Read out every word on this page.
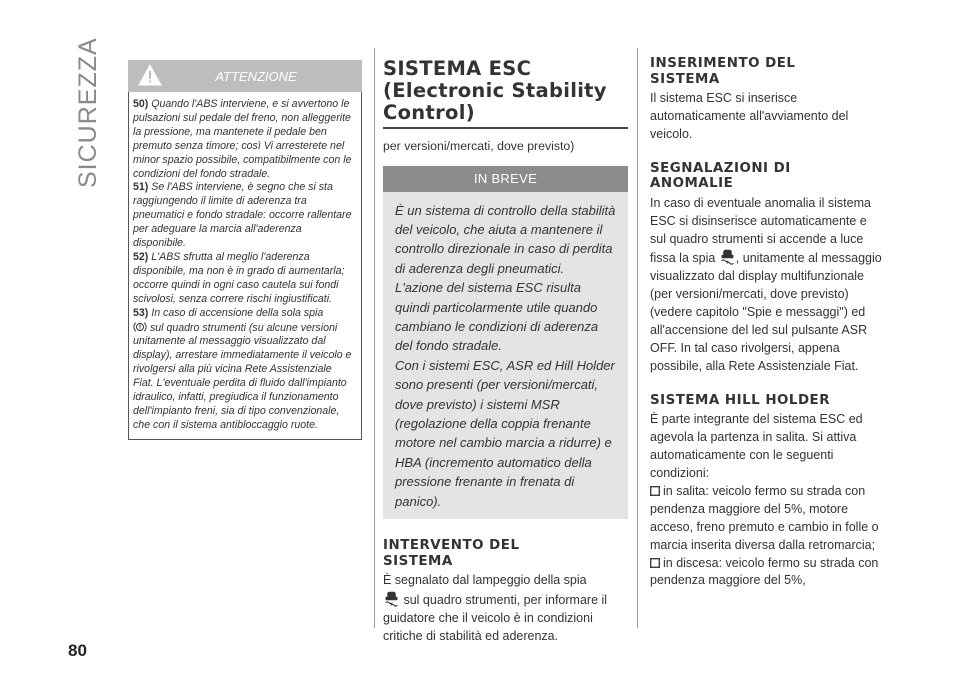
SICUREZZA
80
ATTENZIONE

50) Quando l'ABS interviene, e si avvertono le pulsazioni sul pedale del freno, non alleggerite la pressione, ma mantenete il pedale ben premuto senza timore; così Vi arresterete nel minor spazio possibile, compatibilmente con le condizioni del fondo stradale.

51) Se l'ABS interviene, è segno che si sta raggiungendo il limite di aderenza tra pneumatici e fondo stradale: occorre rallentare per adeguare la marcia all'aderenza disponibile.

52) L'ABS sfrutta al meglio l'aderenza disponibile, ma non è in grado di aumentarla; occorre quindi in ogni caso cautela sui fondi scivolosi, senza correre rischi ingiustificati.

53) In caso di accensione della sola spia
sul quadro strumenti (su alcune versioni unitamente al messaggio visualizzato dal display), arrestare immediatamente il veicolo e rivolgersi alla più vicina Rete Assistenziale Fiat. L'eventuale perdita di fluido dall'impianto idraulico, infatti, pregiudica il funzionamento dell'impianto freni, sia di tipo convenzionale, che con il sistema antibloccaggio ruote.

SISTEMA ESC
(Electronic Stability
Control)

per versioni/mercati, dove previsto)

IN BREVE

È un sistema di controllo della stabilità del veicolo, che aiuta a mantenere il controllo direzionale in caso di perdita di aderenza degli pneumatici.

L'azione del sistema ESC risulta quindi particolarmente utile quando cambiano le condizioni di aderenza del fondo stradale.

Con i sistemi ESC, ASR ed Hill Holder sono presenti (per versioni/mercati, dove previsto) i sistemi MSR (regolazione della coppia frenante motore nel cambio marcia a ridurre) e HBA (incremento automatico della pressione frenante in frenata di panico).

INTERVENTO DEL
SISTEMA

È segnalato dal lampeggio della spia
sul quadro strumenti, per informare il guidatore che il veicolo è in condizioni critiche di stabilità ed aderenza.

INSERIMENTO DEL
SISTEMA

Il sistema ESC si inserisce automaticamente all'avviamento del veicolo.

SEGNALAZIONI DI
ANOMALIE

In caso di eventuale anomalia il sistema ESC si disinserisce automaticamente e sul quadro strumenti si accende a luce fissa la spia , unitamente al messaggio visualizzato dal display multifunzionale (per versioni/mercati, dove previsto) (vedere capitolo "Spie e messaggi") ed all'accensione del led sul pulsante ASR OFF. In tal caso rivolgersi, appena possibile, alla Rete Assistenziale Fiat.

SISTEMA HILL HOLDER

È parte integrante del sistema ESC ed agevola la partenza in salita. Si attiva automaticamente con le seguenti condizioni:

in salita: veicolo fermo su strada con pendenza maggiore del 5%, motore acceso, freno premuto e cambio in folle o marcia inserita diversa dalla retromarcia;

in discesa: veicolo fermo su strada con pendenza maggiore del 5%,
